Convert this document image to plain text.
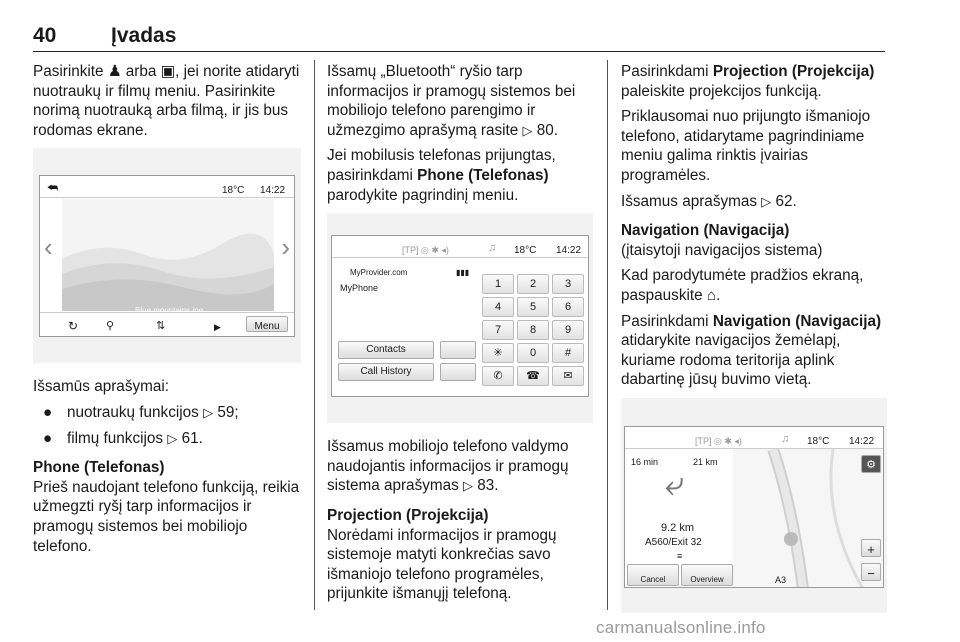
40	Įvadas

Pasirinkite ♟ arba ▣, jei norite atidaryti nuotraukų ir filmų meniu. Pasirinkite norimą nuotrauką arba filmą, ir jis bus rodomas ekrane.

⮪	18°C 14:22
‹	›
Blue mountains.jpg
↻	⚲	⇅	▶	Menu

Išsamūs aprašymai:

● nuotraukų funkcijos ▷ 59;
● filmų funkcijos ▷ 61.
Phone (Telefonas)

Prieš naudojant telefono funkciją, reikia užmegzti ryšį tarp informacijos ir pramogų sistemos bei mobiliojo telefono.

Išsamų „Bluetooth“ ryšio tarp informacijos ir pramogų sistemos bei mobiliojo telefono parengimo ir užmezgimo aprašymą rasite ▷ 80.

Jei mobilusis telefonas prijungtas, pasirinkdami Phone (Telefonas) parodykite pagrindinį meniu.

[TP] ◎ ✱ ◂)	♫ 18°C 14:22
MyProvider.com	▮▮▮
MyPhone
Contacts
Call History
1	2	3
4	5	6
7	8	9
✳	0	#
✆	☎	✉

Išsamus mobiliojo telefono valdymo naudojantis informacijos ir pramogų sistema aprašymas ▷ 83.

Projection (Projekcija)

Norėdami informacijos ir pramogų sistemoje matyti konkrečias savo išmaniojo telefono programėles, prijunkite išmanųjį telefoną.

Pasirinkdami Projection (Projekcija) paleiskite projekcijos funkciją.

Priklausomai nuo prijungto išmaniojo telefono, atidarytame pagrindiniame meniu galima rinktis įvairias programėles.

Išsamus aprašymas ▷ 62.

Navigation (Navigacija)

(įtaisytoji navigacijos sistema)

Kad parodytumėte pradžios ekraną, paspauskite ⌂.

Pasirinkdami Navigation (Navigacija) atidarykite navigacijos žemėlapį, kuriame rodoma teritorija aplink dabartinę jūsų buvimo vietą.

[TP] ◎ ✱ ◂)	♫ 18°C 14:22
16 min	21 km
⤶
9.2 km
A560/Exit 32
≡
Cancel	Overview
⚙
+
−
A3
carmanualsonline.info
